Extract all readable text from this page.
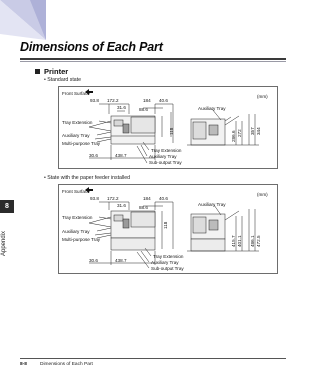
Dimensions of Each Part
8
Appendix
Printer
• Standard state
Front Surface
(mm)
93.8 172.2	184 40.6
31.6	88.6
118	286.6 272 357 344
30.6	438.7
Tray Extension
Auxiliary Tray
Multi-purpose Tray
Auxiliary Tray
Tray Extension
Auxiliary Tray
Sub-output Tray
• State with the paper feeder installed
Front Surface
(mm)
93.8 172.2	184 40.6
31.6	88.6
118
415.7 401.1 486.1 472.5
30.6	438.7
Tray Extension
Auxiliary Tray
Multi-purpose Tray
Auxiliary Tray
Tray Extension
Auxiliary Tray
Sub-output Tray
8-8	Dimensions of Each Part
